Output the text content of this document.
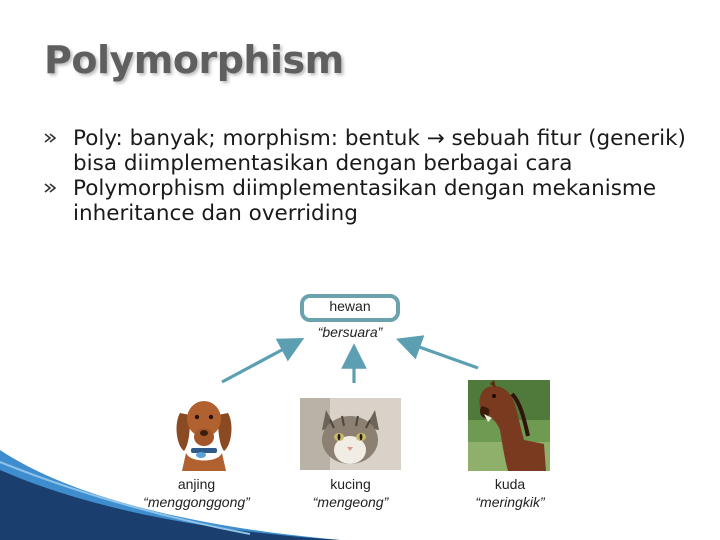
Polymorphism
Poly: banyak; morphism: bentuk → sebuah fitur (generik) bisa diimplementasikan dengan berbagai cara
Polymorphism diimplementasikan dengan mekanisme inheritance dan overriding
hewan
“bersuara”
anjing
“menggonggong”
kucing
“mengeong”
kuda
“meringkik”
